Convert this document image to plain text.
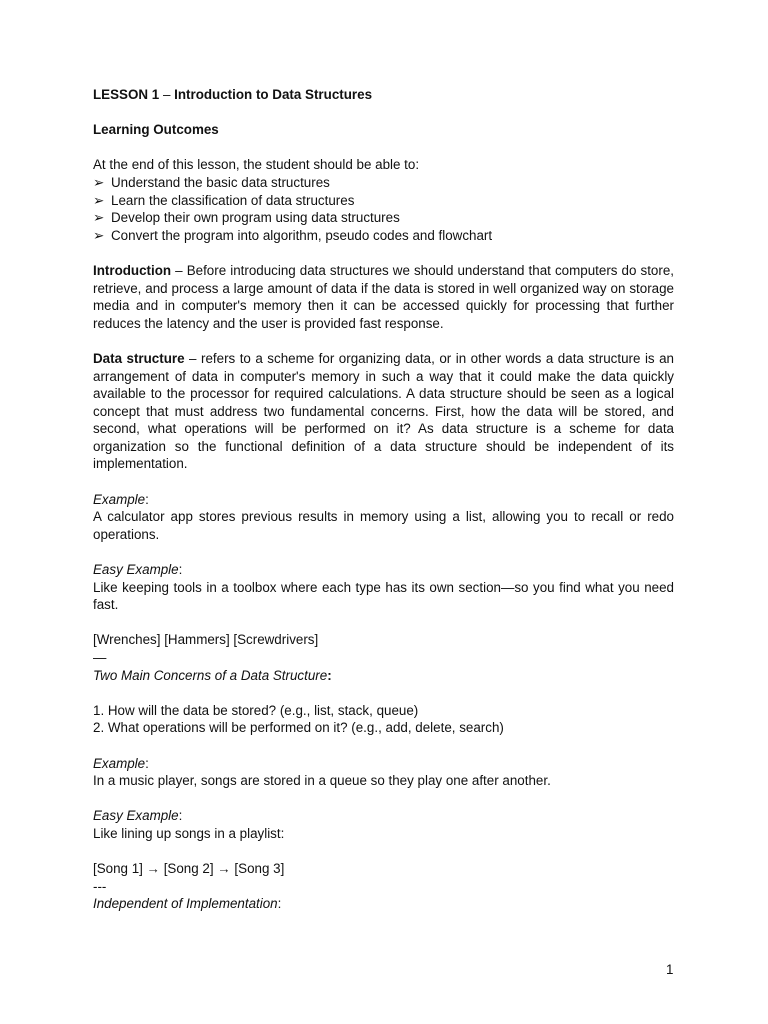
LESSON 1 – Introduction to Data Structures
Learning Outcomes
At the end of this lesson, the student should be able to:
➢ Understand the basic data structures
➢ Learn the classification of data structures
➢ Develop their own program using data structures
➢ Convert the program into algorithm, pseudo codes and flowchart
Introduction – Before introducing data structures we should understand that computers do store, retrieve, and process a large amount of data if the data is stored in well organized way on storage media and in computer's memory then it can be accessed quickly for processing that further reduces the latency and the user is provided fast response.
Data structure – refers to a scheme for organizing data, or in other words a data structure is an arrangement of data in computer's memory in such a way that it could make the data quickly available to the processor for required calculations. A data structure should be seen as a logical concept that must address two fundamental concerns. First, how the data will be stored, and second, what operations will be performed on it? As data structure is a scheme for data organization so the functional definition of a data structure should be independent of its implementation.
Example:
A calculator app stores previous results in memory using a list, allowing you to recall or redo operations.
Easy Example:
Like keeping tools in a toolbox where each type has its own section—so you find what you need fast.
[Wrenches] [Hammers] [Screwdrivers]
—
Two Main Concerns of a Data Structure:
1. How will the data be stored? (e.g., list, stack, queue)
2. What operations will be performed on it? (e.g., add, delete, search)
Example:
In a music player, songs are stored in a queue so they play one after another.
Easy Example:
Like lining up songs in a playlist:
[Song 1] → [Song 2] → [Song 3]
---
Independent of Implementation:
1
